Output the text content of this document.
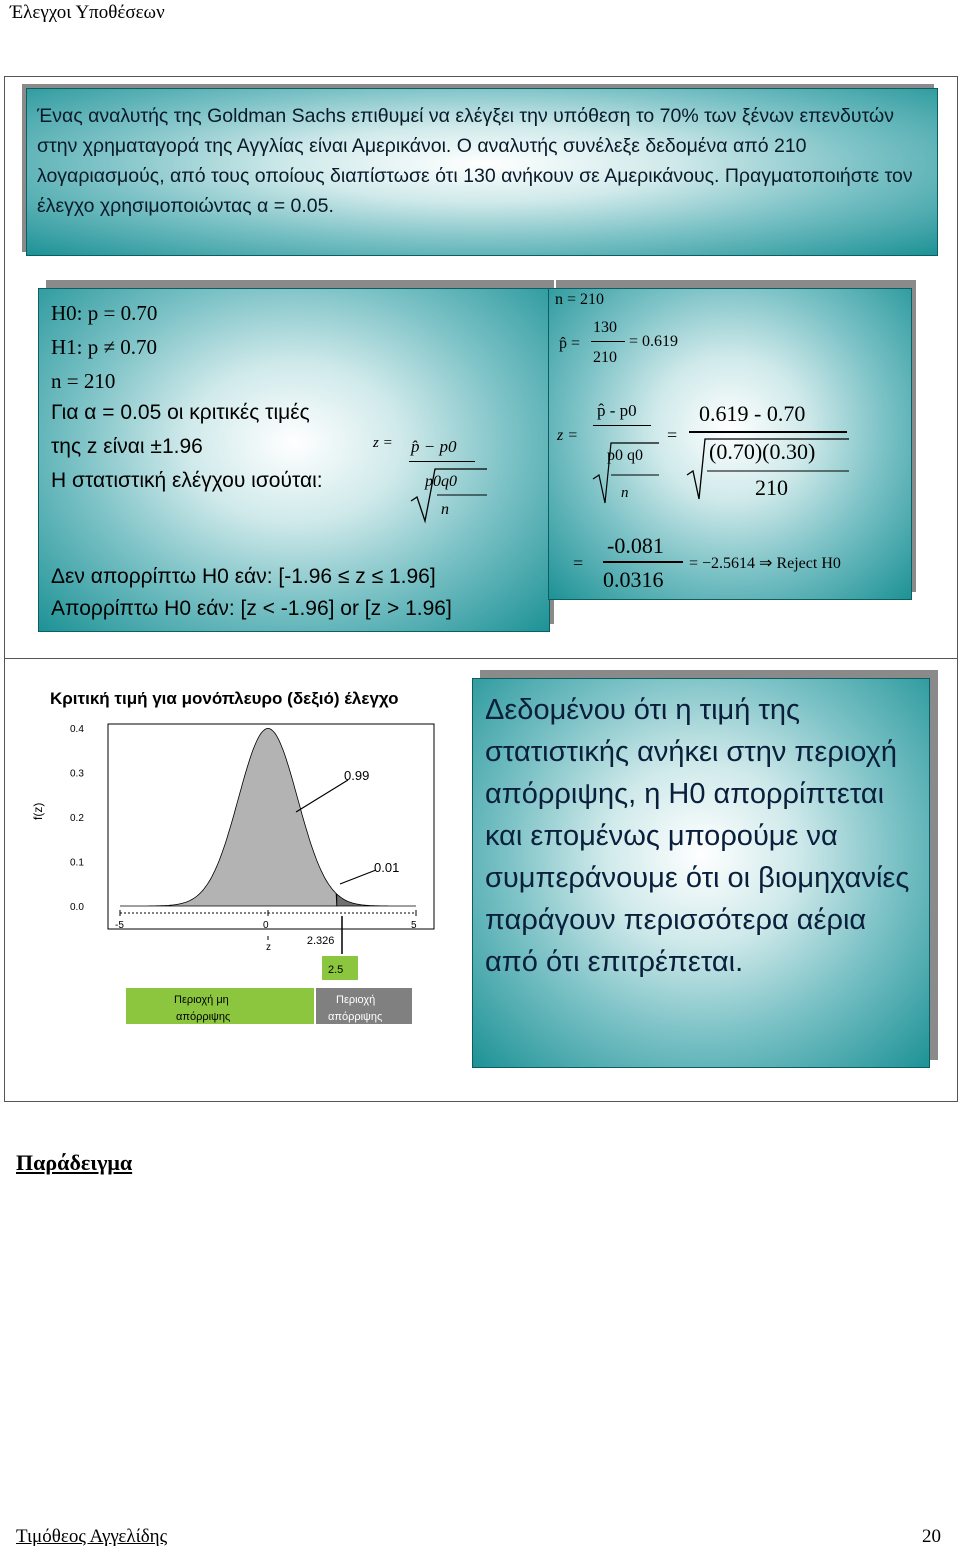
Έλεγχοι Υποθέσεων
Ένας αναλυτής της Goldman Sachs επιθυμεί να ελέγξει την υπόθεση το 70% των ξένων επενδυτών στην χρηματαγορά της Αγγλίας είναι Αμερικάνοι. Ο αναλυτής συνέλεξε δεδομένα από 210 λογαριασμούς, από τους οποίους διαπίστωσε ότι 130 ανήκουν σε Αμερικάνους. Πραγματοποιήστε τον έλεγχο χρησιμοποιώντας α = 0.05.
H0: p = 0.70
H1: p ≠ 0.70
n = 210
Για α = 0.05 οι κριτικές τιμές
της z είναι ±1.96
Η στατιστική ελέγχου ισούται:
z = p̂ − p0
p0q0
n
Δεν απορρίπτω H0 εάν: [-1.96 ≤ z ≤ 1.96]
Απορρίπτω H0 εάν: [z < -1.96] or [z > 1.96]
n = 210
p̂ =
130
210
= 0.619
z =
p̂ - p0
p0 q0
n
=
0.619 - 0.70
(0.70)(0.30)
210
=
-0.081
0.0316
= −2.5614 ⇒ Reject H0
Κριτική τιμή για μονόπλευρο (δεξιό) έλεγχο
f(z)
0.4
0.3
0.2
0.1
0.0
-5	0	5
z
2.326
0.99
0.01
2.5
Περιοχή μη
απόρριψης
Περιοχή
απόρριψης
Δεδομένου ότι η τιμή της στατιστικής ανήκει στην περιοχή απόρριψης, η H0 απορρίπτεται και επομένως μπορούμε να συμπεράνουμε ότι οι βιομηχανίες παράγουν περισσότερα αέρια από ότι επιτρέπεται.
Παράδειγμα
Τιμόθεος Αγγελίδης	20
